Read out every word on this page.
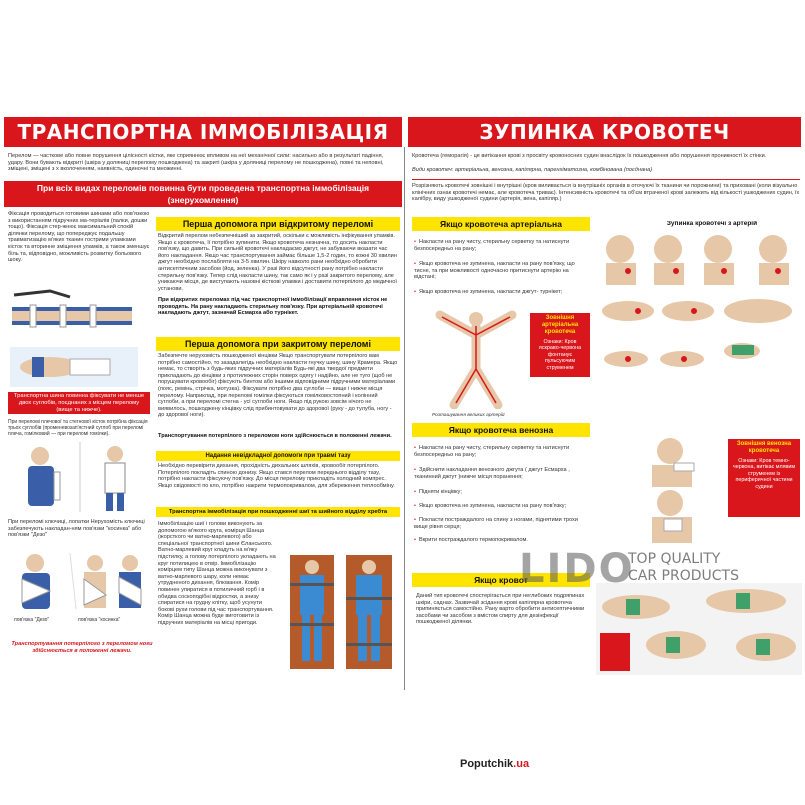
ТРАНСПОРТНА ІММОБІЛІЗАЦІЯ	ЗУПИНКА КРОВОТЕЧ
Перелом — часткове або повне порушення цілісності кістки, яке сприяннює впливом на неї механічної сили: насильно або в результаті падіння, удару. Вони бувають відкриті (шкіра у доляниці перелому пошкоджена) та закриті (шкіра у доляниці перелому не пошкоджена), повні та неповні, зміщені, зміщені з х вколоченням, наявність, одиночні та множинні.
При всіх видах переломів повинна бути проведена транспортна іммобілізація (знерухомлення)
Фіксація проводиться готовими шинами або пов'язкою з використанням підручних ма-теріалів (палки, дошки тощо). Фіксація стер-жнює максимальний спокій ділянки перелому, що попереджує подальшу травматизацію м'яких тканин гострими уламками кісток та вторинне зміщення уламків, а також зменшує біль та, відповідно, можливість розвитку больового шоку.
Транспортна шина повинна фіксувати не менше двох суглобів, поєднаних з місцем перелому (вище та нижче).
При переломі плечової та стегнової кісток потрібна фіксація трьох суглобів (променевозап'ястний суглоб при переломі плеча, гомілковий — при переломі гомілки).
При переломі ключиці, лопатки Нерухомість ключиці забезпечують накладан-ням пов'язки "косинка" або пов'язки "Дезо"
пов'язка "Дезо"	пов'язка "косинка"
Транспортування потерпілого з переломом ноги здійснюється в положенні лежачи.
Перша допомога при відкритому переломі
Відкритий перелом небезпечніший за закритий, оскільки є можливість інфікування уламків. Якщо є кровотеча, її потрібно зупинити. Якщо кровотеча незначна, то досить накласти пов'язку, що давить. При сильній кровотечі накладаємо джгут, не забуваючи вказати час його накладання. Якщо час транспортування займає більше 1,5-2 годин, то кожні 30 хвилин джгут необхідно послабляти на 3-5 хвилин. Шкіру навколо рани необхідно обробити антисептичним засобом (йод, зеленка). У разі його відсутності рану потрібно накласти стерильну пов'язку. Тепер слід накласти шину, так само як і у разі закритого перелому, але уникаючи місця, де виступають назовні кісткові уламки і доставити потерпілого до медичної установи.
При відкритих переломах під час транспортної іммобілізації вправлення кісток не проводять. На рану накладають стерильну пов'язку. При артеріальній кровотечі накладають джгут, зазначай Есмарха або турнікет.
Перша допомога при закритому переломі
Забезпечте нерухомість пошкодженої кінцівки Якщо транспортувати потерпілого вам потрібно самостійно, то зазадалегідь необхідно накласти гнучку шину, шину Крамера. Якщо немає, то створіть з будь-яких підручних матеріалів Будь-які два твердої предмети прикладають до кінцівки з протилежних сторін поверх одягу і надійно, але не туго (щоб не порушувати кровообіг) фіксують бинтом або іншими відповідними підручними матеріалами (пояс, ремінь, стрічка, мотузка). Фіксувати потрібно два суглоби — вище і нижче місця перелому. Наприклад, при переломі гомілки фіксуються гомілковостопний і колінний суглоби, а при переломі стегна - усі суглоби ноги. Якщо під рукою зовсім нічого не виявилось, пошкоджену кінцівку слід прибинтовувати до здорової (руку - до тулуба, ногу - до здорової ноги).
Транспортування потерпілого з переломом ноги здійснюється в положенні лежачи.
Надання невідкладної допомоги при травмі тазу
Необхідно перевірити дихання, прохідність дихальних шляхів, кровообіг потерпілого. Потерпілого покладіть спиною донизу. Якщо стався перелом переднього відділу тазу, потрібно накласти фіксуючу пов'язку. До місця перелому прикладіть холодний компрес. Якщо свідомості по кло, потрібно накрити термопокривалом, для збереження теплообміну.
Транспортна іммобілізація при пошкодженні шиї та шийного відділу хребта
Іммобілізацію шиї і голови виконують за допомогою м'якого круга, комірця Шанца (жорсткого чи ватно-марлевого) або спеціальної транспортної шини Єланського. Ватно-марлевий круг кладуть на м'яку підстилку, а голову потерпілого укладають на круг потилицею в отвір. Іммобілізацію комірцем типу Шанца можна виконувати з ватно-марлевого шару, коли немає утрудненого дихання, блювання. Комір повинен упиратися в потиличний горб і в обидва соскоподібні відростки, а знизу спиратися на грудну клітку, щоб усунути бокові рухи голови під час транспортування. Комір Шанца можна буде виготовити із підручних матеріалів на місці пригоди.
Кровотеча (геморагія) - це витікання крові з просвіту кровоносних судин внаслідок їх пошкодження або порушення проникності їх стінки.
Види кровотеч: артеріальна, венозна, капілярна, паренхіматозна, комбінована (поєднана)
Розрізняють кровотечі зовнішні і внутрішні (кров виливається із внутрішніх органів в оточуючі їх тканини чи порожнини) та приховані (коли візуально клінічних ознак кровотечі немає, але кровотеча триває). Інтенсивність кровотечі та об'єм втраченої крові залежить від кількості ушкоджених судин, їх калібру, виду ушкодженої судини (артерія, вена, капіляр.)
Якщо кровотеча артеріальна
• Накласти на рану чисту, стерильну серветку та натиснути безпосередньо на рану;
• Якщо кровотеча не зупинена, накласти на рану пов'язку, що тисне, та при можливості одночасно притиснути артерію на відстані;
• Якщо кровотеча не зупинена, накласти джгут- турнікет;
Розташування великих артерій
Зовнішня артеріальна кровотеча
Ознаки: Кров яскраво-червона фонтанує пульсуючим струменем
Зупинка кровотечі з артерій
Якщо кровотеча венозна
• Накласти на рану чисту, стерильну серветку та натиснути безпосередньо на рану;
• Здійснити накладання венозного джгута ( джгут Есмарха , тканинний джгут )нижче місця поранення;
• Підняти кінцівку;
• Якщо кровотеча не зупинена, накласти на рану пов'язку;
• Покласти постраждалого на спину з ногами, піднятими трохи вище рівня серця;
• Вкрити постраждалого термопокривалом.
Зовнішня венозна кровотеча
Ознаки: Кров темно-червона, витікає млявим струменем із периферичної частини судини
Якщо кровот
Даний тип кровотечі спостерігається при неглибоких подряпинах шкіри, саднах. Зазвичай зсідання крові капілярна кровотеча припиняється самостійно. Рану варто обробити антисептичними засобами чи засобом з вмістом спирту для дезінфекції пошкодженої ділянки.
Poputchik.ua
LIDO
TOP QUALITY
CAR PRODUCTS
